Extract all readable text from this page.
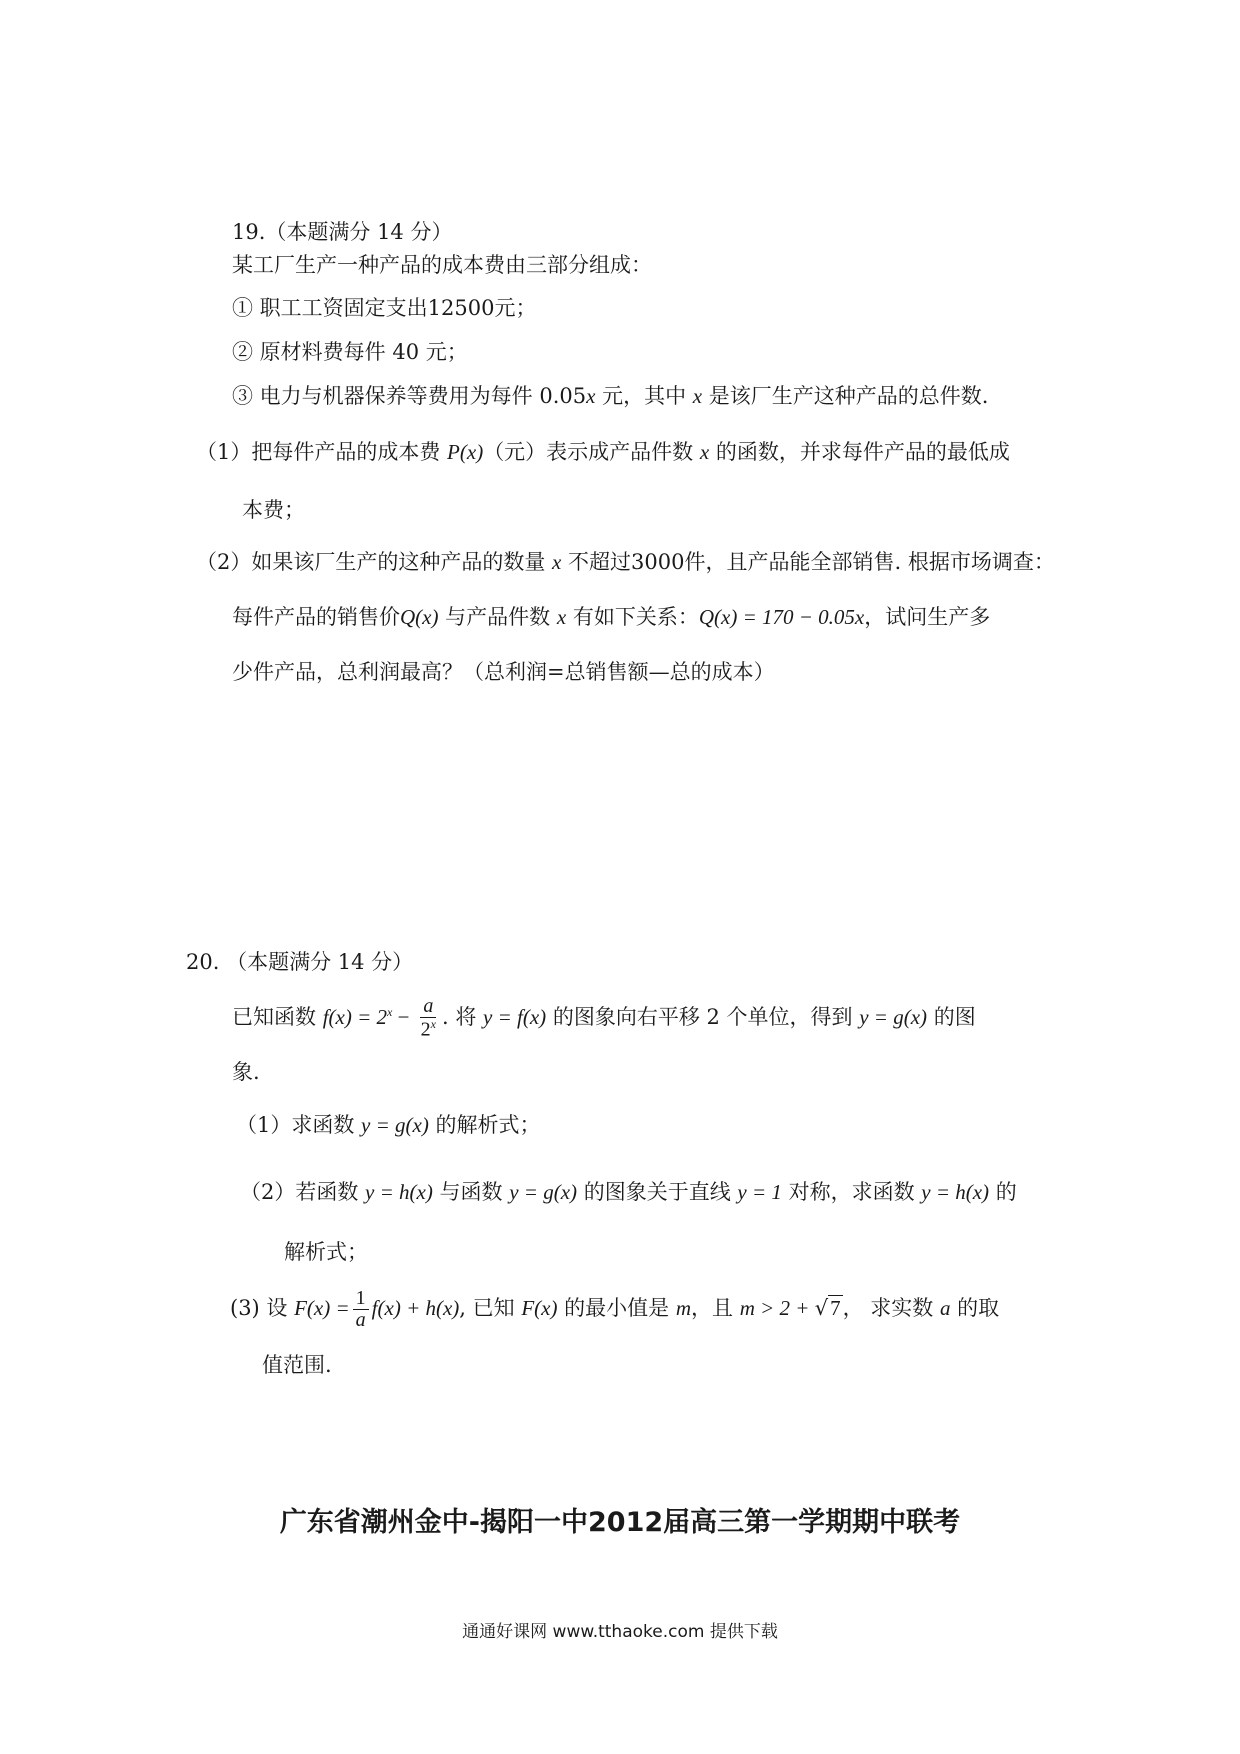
19.（本题满分 14 分）
某工厂生产一种产品的成本费由三部分组成：
① 职工工资固定支出12500元；
② 原材料费每件 40 元；
③ 电力与机器保养等费用为每件 0.05x 元，其中 x 是该厂生产这种产品的总件数.
（1）把每件产品的成本费 P(x)（元）表示成产品件数 x 的函数，并求每件产品的最低成
本费；
（2）如果该厂生产的这种产品的数量 x 不超过3000件，且产品能全部销售. 根据市场调查：
每件产品的销售价Q(x) 与产品件数 x 有如下关系：Q(x) = 170 − 0.05x，试问生产多
少件产品，总利润最高？（总利润=总销售额—总的成本）
20. （本题满分 14 分）
已知函数 $f(x) = 2^x - \frac{a}{2^x}$ . 将 y = f(x) 的图象向右平移 2 个单位，得到 y = g(x) 的图
象.
（1）求函数 y = g(x) 的解析式；
（2）若函数 y = h(x) 与函数 y = g(x) 的图象关于直线 y = 1 对称，求函数 y = h(x) 的
解析式；
(3) 设 $F(x) = \frac{1}{a} f(x) + h(x)$, 已知 F(x) 的最小值是 m，且 m > 2 + √7， 求实数 a 的取
值范围.
广东省潮州金中-揭阳一中2012届高三第一学期期中联考
通通好课网 www.tthaoke.com 提供下载
